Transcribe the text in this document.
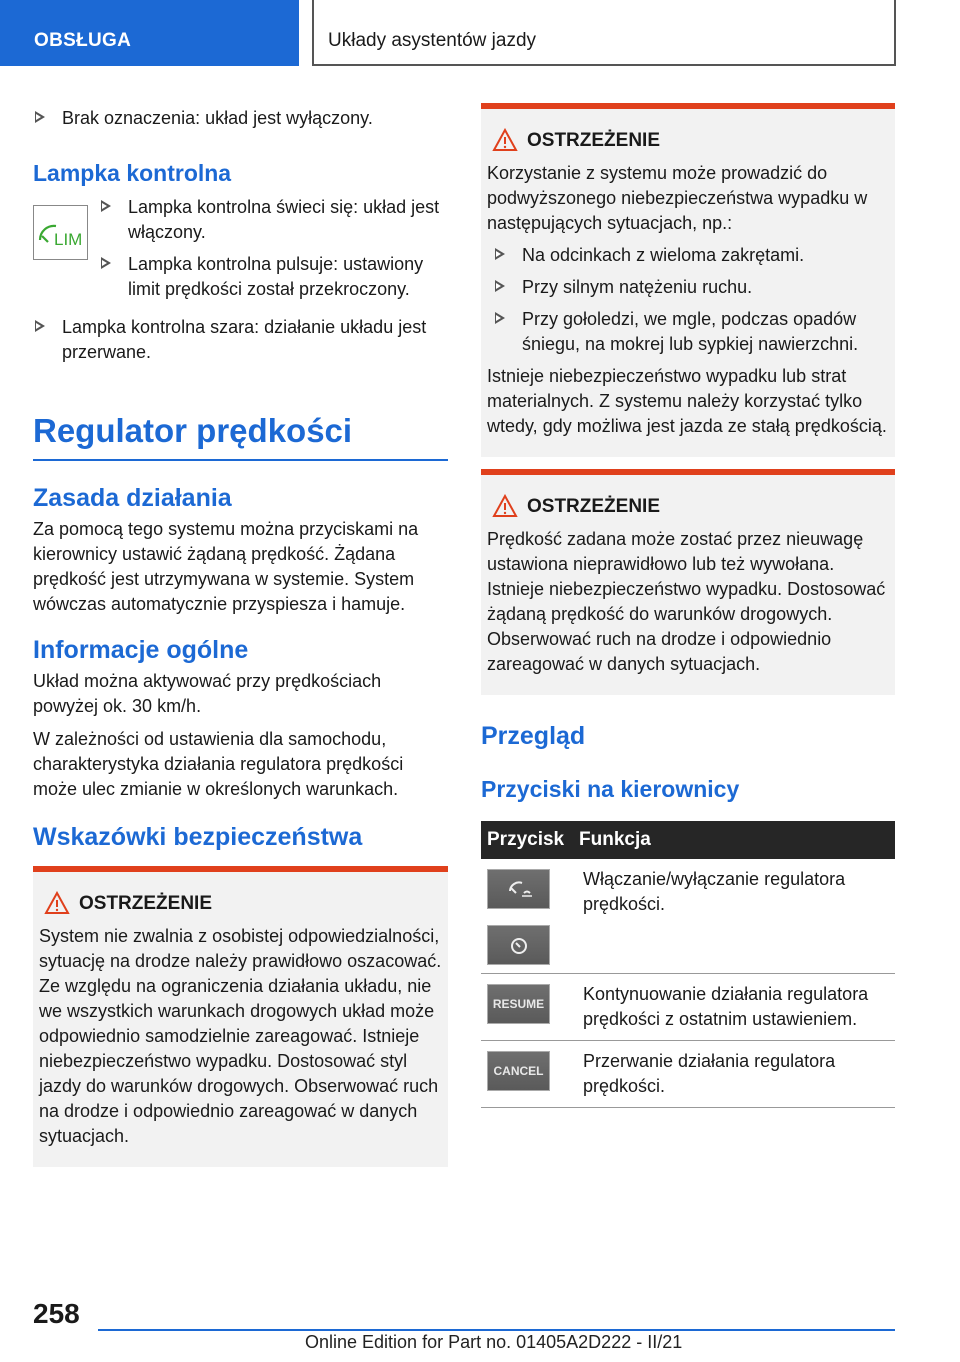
OBSŁUGA	Układy asystentów jazdy
Brak oznaczenia: układ jest wyłączony.
Lampka kontrolna
LIM
Lampka kontrolna świeci się: układ jest włączony.
Lampka kontrolna pulsuje: ustawiony limit prędkości został przekroczony.
Lampka kontrolna szara: działanie układu jest przerwane.
Regulator prędkości
Zasada działania
Za pomocą tego systemu można przyciskami na kierownicy ustawić żądaną prędkość. Żądana prędkość jest utrzymywana w systemie. System wówczas automatycznie przyspiesza i hamuje.
Informacje ogólne
Układ można aktywować przy prędkościach powyżej ok. 30 km/h.
W zależności od ustawienia dla samochodu, charakterystyka działania regulatora prędkości może ulec zmianie w określonych warunkach.
Wskazówki bezpieczeństwa
OSTRZEŻENIE
System nie zwalnia z osobistej odpowiedzialności, sytuację na drodze należy prawidłowo oszacować. Ze względu na ograniczenia działania układu, nie we wszystkich warunkach drogowych układ może odpowiednio samodzielnie zareagować. Istnieje niebezpieczeństwo wypadku. Dostosować styl jazdy do warunków drogowych. Obserwować ruch na drodze i odpowiednio zareagować w danych sytuacjach.
OSTRZEŻENIE
Korzystanie z systemu może prowadzić do podwyższonego niebezpieczeństwa wypadku w następujących sytuacjach, np.:
Na odcinkach z wieloma zakrętami.
Przy silnym natężeniu ruchu.
Przy gołoledzi, we mgle, podczas opadów śniegu, na mokrej lub sypkiej nawierzchni.
Istnieje niebezpieczeństwo wypadku lub strat materialnych. Z systemu należy korzystać tylko wtedy, gdy możliwa jest jazda ze stałą prędkością.
OSTRZEŻENIE
Prędkość zadana może zostać przez nieuwagę ustawiona nieprawidłowo lub też wywołana. Istnieje niebezpieczeństwo wypadku. Dostosować żądaną prędkość do warunków drogowych. Obserwować ruch na drodze i odpowiednio zareagować w danych sytuacjach.
Przegląd
Przyciski na kierownicy
Przycisk Funkcja
Włączanie/wyłączanie regulatora prędkości.
RESUME	Kontynuowanie działania regulatora prędkości z ostatnim ustawieniem.
CANCEL	Przerwanie działania regulatora prędkości.
258
Online Edition for Part no. 01405A2D222 - II/21
